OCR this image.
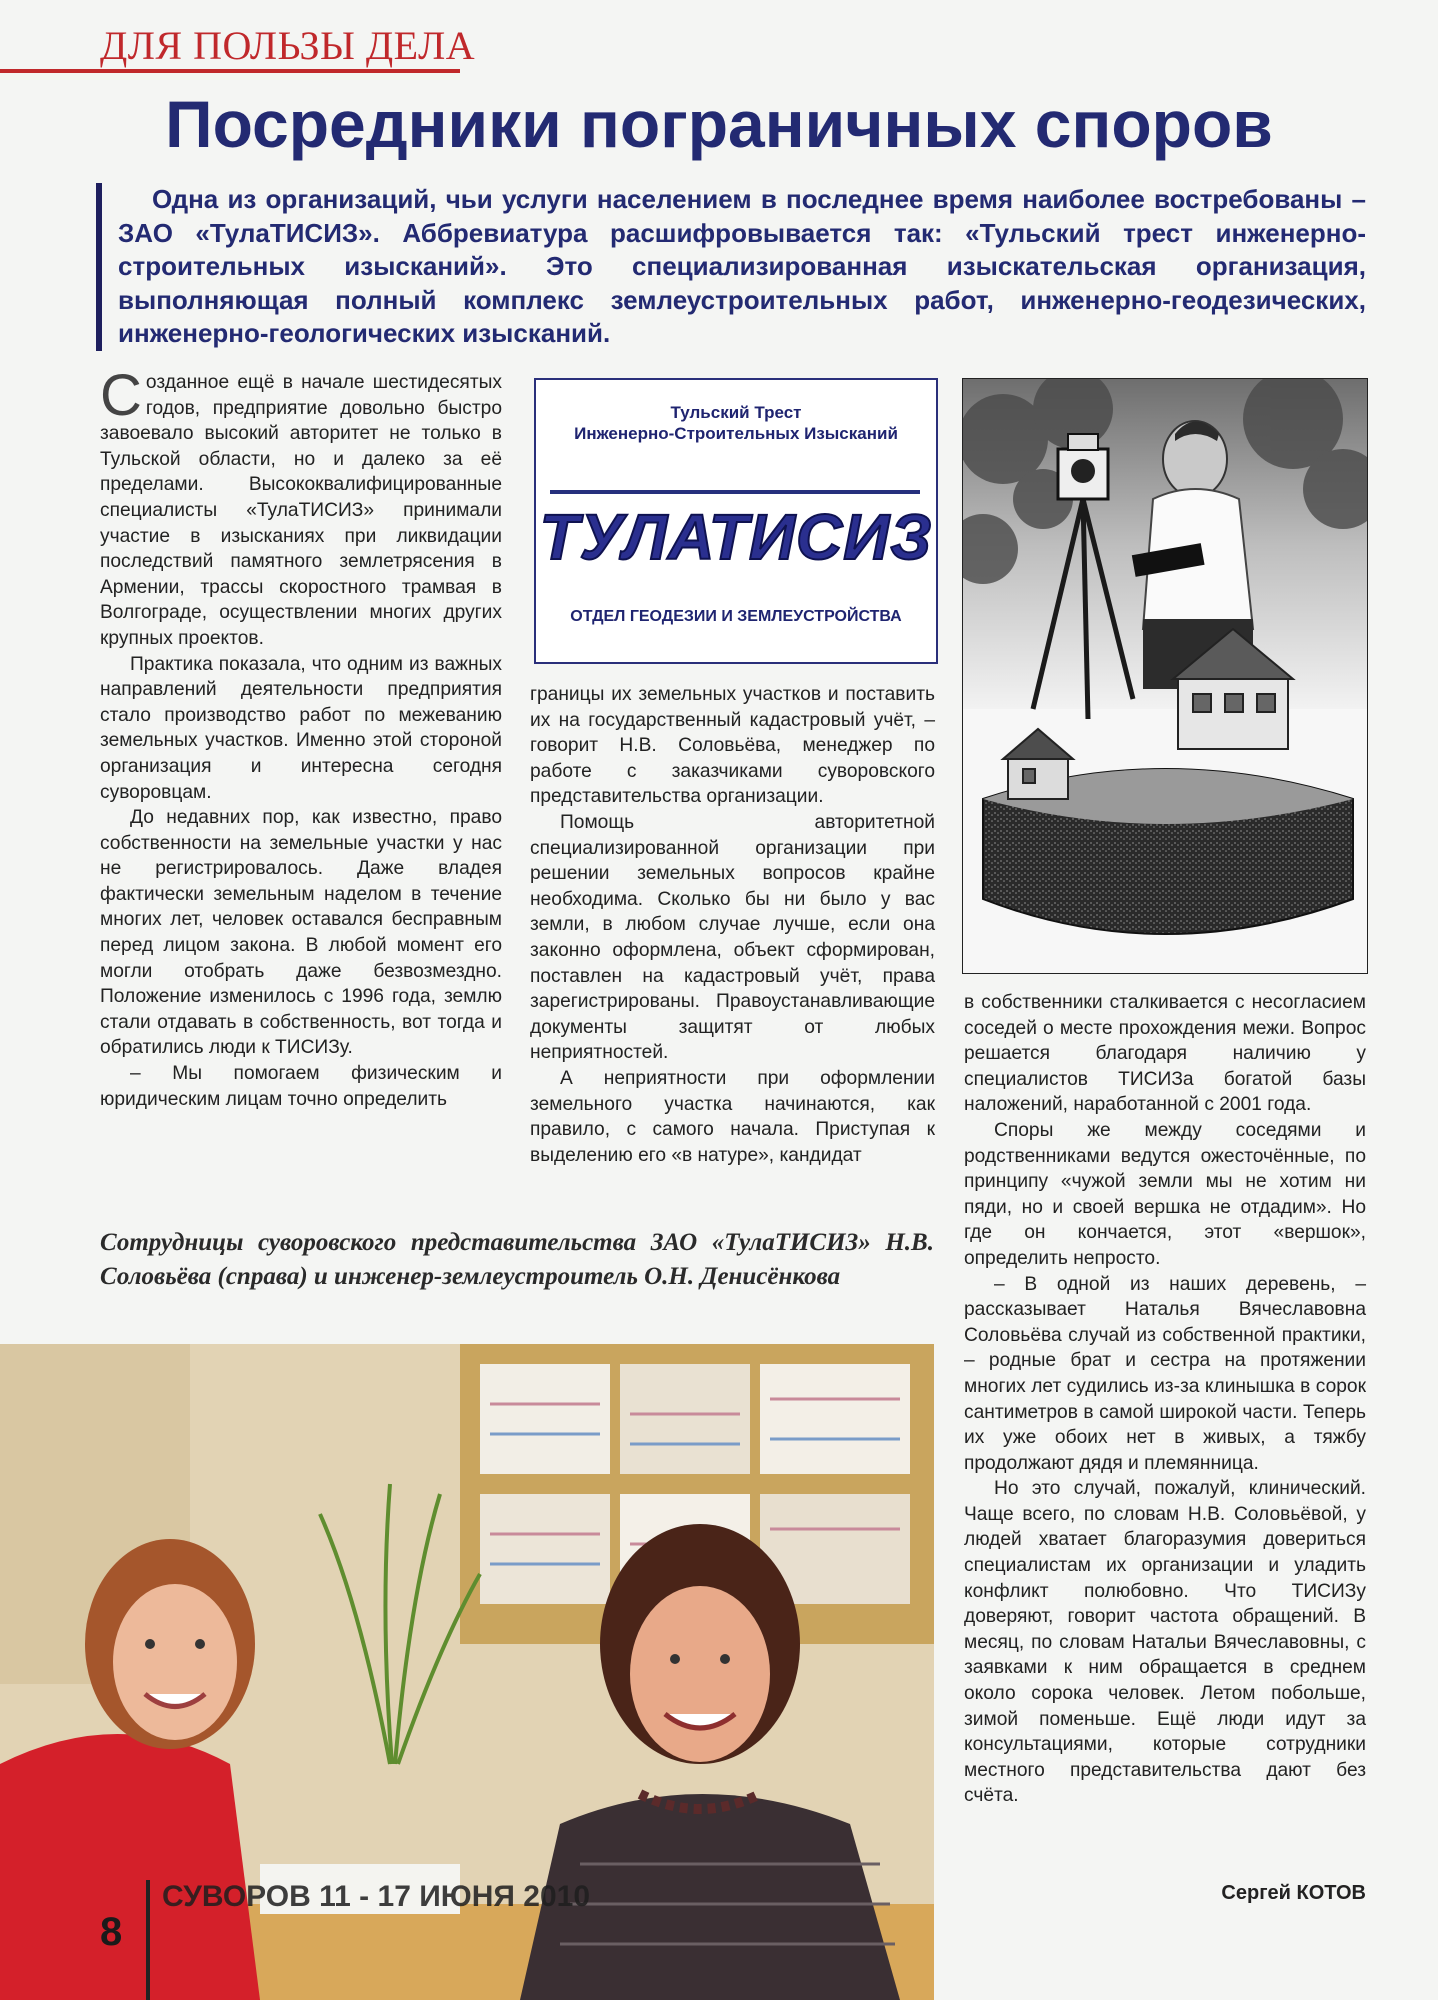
ДЛЯ ПОЛЬЗЫ ДЕЛА
Посредники пограничных споров
Одна из организаций, чьи услуги населением в последнее время наиболее востребованы – ЗАО «ТулаТИСИЗ». Аббревиатура расшифровывается так: «Тульский трест инженерно-строительных изысканий». Это специализированная изыскательская организация, выполняющая полный комплекс землеустроительных работ, инженерно-геодезических, инженерно-геологических изысканий.

Созданное ещё в начале шестидесятых годов, предприятие довольно быстро завоевало высокий авторитет не только в Тульской области, но и далеко за её пределами. Высококвалифицированные специалисты «ТулаТИСИЗ» принимали участие в изысканиях при ликвидации последствий памятного землетрясения в Армении, трассы скоростного трамвая в Волгограде, осуществлении многих других крупных проектов.

Практика показала, что одним из важных направлений деятельности предприятия стало производство работ по межеванию земельных участков. Именно этой стороной организация и интересна сегодня суворовцам.

До недавних пор, как известно, право собственности на земельные участки у нас не регистрировалось. Даже владея фактически земельным наделом в течение многих лет, человек оставался бесправным перед лицом закона. В любой момент его могли отобрать даже безвозмездно. Положение изменилось с 1996 года, землю стали отдавать в собственность, вот тогда и обратились люди к ТИСИЗу.

– Мы помогаем физическим и юридическим лицам точно определить

Тульский Трест
Инженерно-Строительных Изысканий
ТУЛАТИСИЗ
ОТДЕЛ ГЕОДЕЗИИ И ЗЕМЛЕУСТРОЙСТВА

границы их земельных участков и поставить их на государственный кадастровый учёт, – говорит Н.В. Соловьёва, менеджер по работе с заказчиками суворовского представительства организации.

Помощь авторитетной специализированной организации при решении земельных вопросов крайне необходима. Сколько бы ни было у вас земли, в любом случае лучше, если она законно оформлена, объект сформирован, поставлен на кадастровый учёт, права зарегистрированы. Правоустанавливающие документы защитят от любых неприятностей.

А неприятности при оформлении земельного участка начинаются, как правило, с самого начала. Приступая к выделению его «в натуре», кандидат

в собственники сталкивается с несогласием соседей о месте прохождения межи. Вопрос решается благодаря наличию у специалистов ТИСИЗа богатой базы наложений, наработанной с 2001 года.

Споры же между соседями и родственниками ведутся ожесточённые, по принципу «чужой земли мы не хотим ни пяди, но и своей вершка не отдадим». Но где он кончается, этот «вершок», определить непросто.

– В одной из наших деревень, – рассказывает Наталья Вячеславовна Соловьёва случай из собственной практики, – родные брат и сестра на протяжении многих лет судились из-за клинышка в сорок сантиметров в самой широкой части. Теперь их уже обоих нет в живых, а тяжбу продолжают дядя и племянница.

Но это случай, пожалуй, клинический. Чаще всего, по словам Н.В. Соловьёвой, у людей хватает благоразумия довериться специалистам их организации и уладить конфликт полюбовно. Что ТИСИЗу доверяют, говорит частота обращений. В месяц, по словам Натальи Вячеславовны, с заявками к ним обращается в среднем около сорока человек. Летом побольше, зимой поменьше. Ещё люди идут за консультациями, которые сотрудники местного представительства дают без счёта.

Сергей КОТОВ
Сотрудницы суворовского представительства ЗАО «ТулаТИСИЗ» Н.В. Соловьёва (справа) и инженер-землеустроитель О.Н. Денисёнкова
8
СУВОРОВ 11 - 17 ИЮНЯ 2010
